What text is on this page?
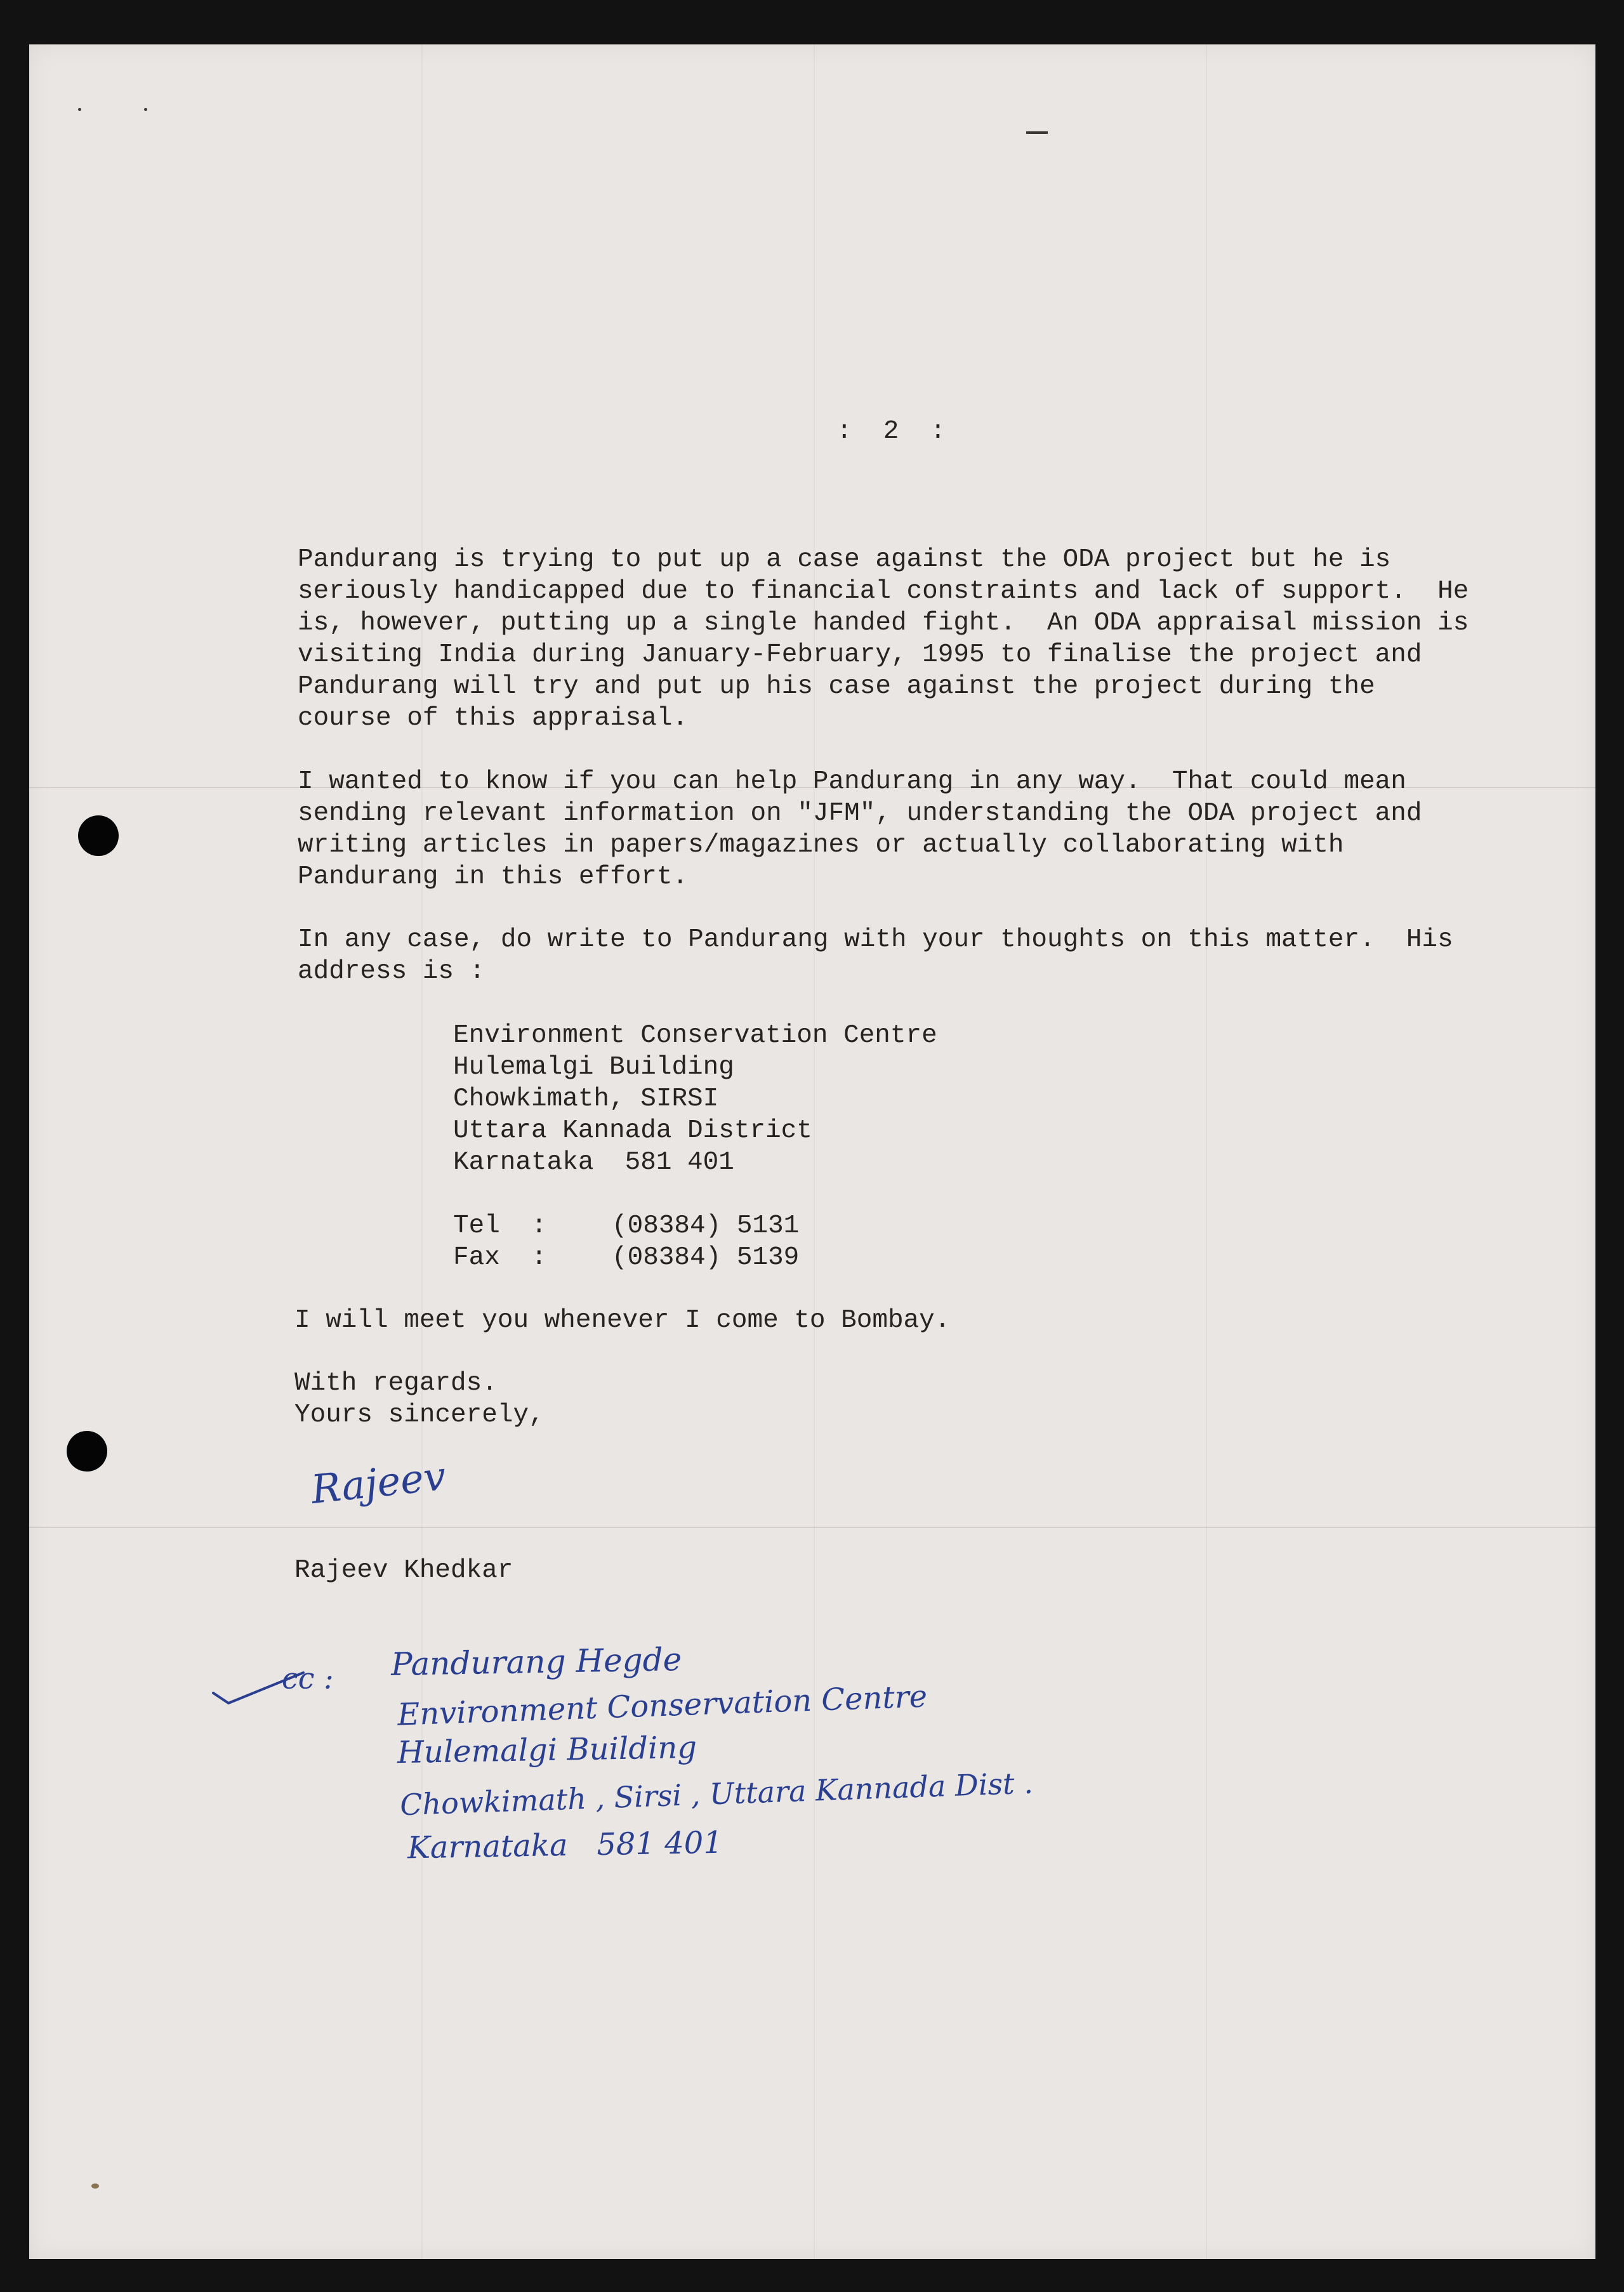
:  2  :

Pandurang is trying to put up a case against the ODA project but he is

seriously handicapped due to financial constraints and lack of support.  He

is, however, putting up a single handed fight.  An ODA appraisal mission is

visiting India during January-February, 1995 to finalise the project and

Pandurang will try and put up his case against the project during the

course of this appraisal.

I wanted to know if you can help Pandurang in any way.  That could mean

sending relevant information on "JFM", understanding the ODA project and

writing articles in papers/magazines or actually collaborating with

Pandurang in this effort.

In any case, do write to Pandurang with your thoughts on this matter.  His

address is :

Environment Conservation Centre

Hulemalgi Building

Chowkimath, SIRSI

Uttara Kannada District

Karnataka  581 401

Tel  : (08384) 5131

Fax  : (08384) 5139

I will meet you whenever I come to Bombay.

With regards.

Yours sincerely,

Rajeev

Rajeev Khedkar

cc : Pandurang Hegde
Environment Conservation Centre
Hulemalgi Building
Chowkimath , Sirsi , Uttara Kannada Dist .
Karnataka   581 401
